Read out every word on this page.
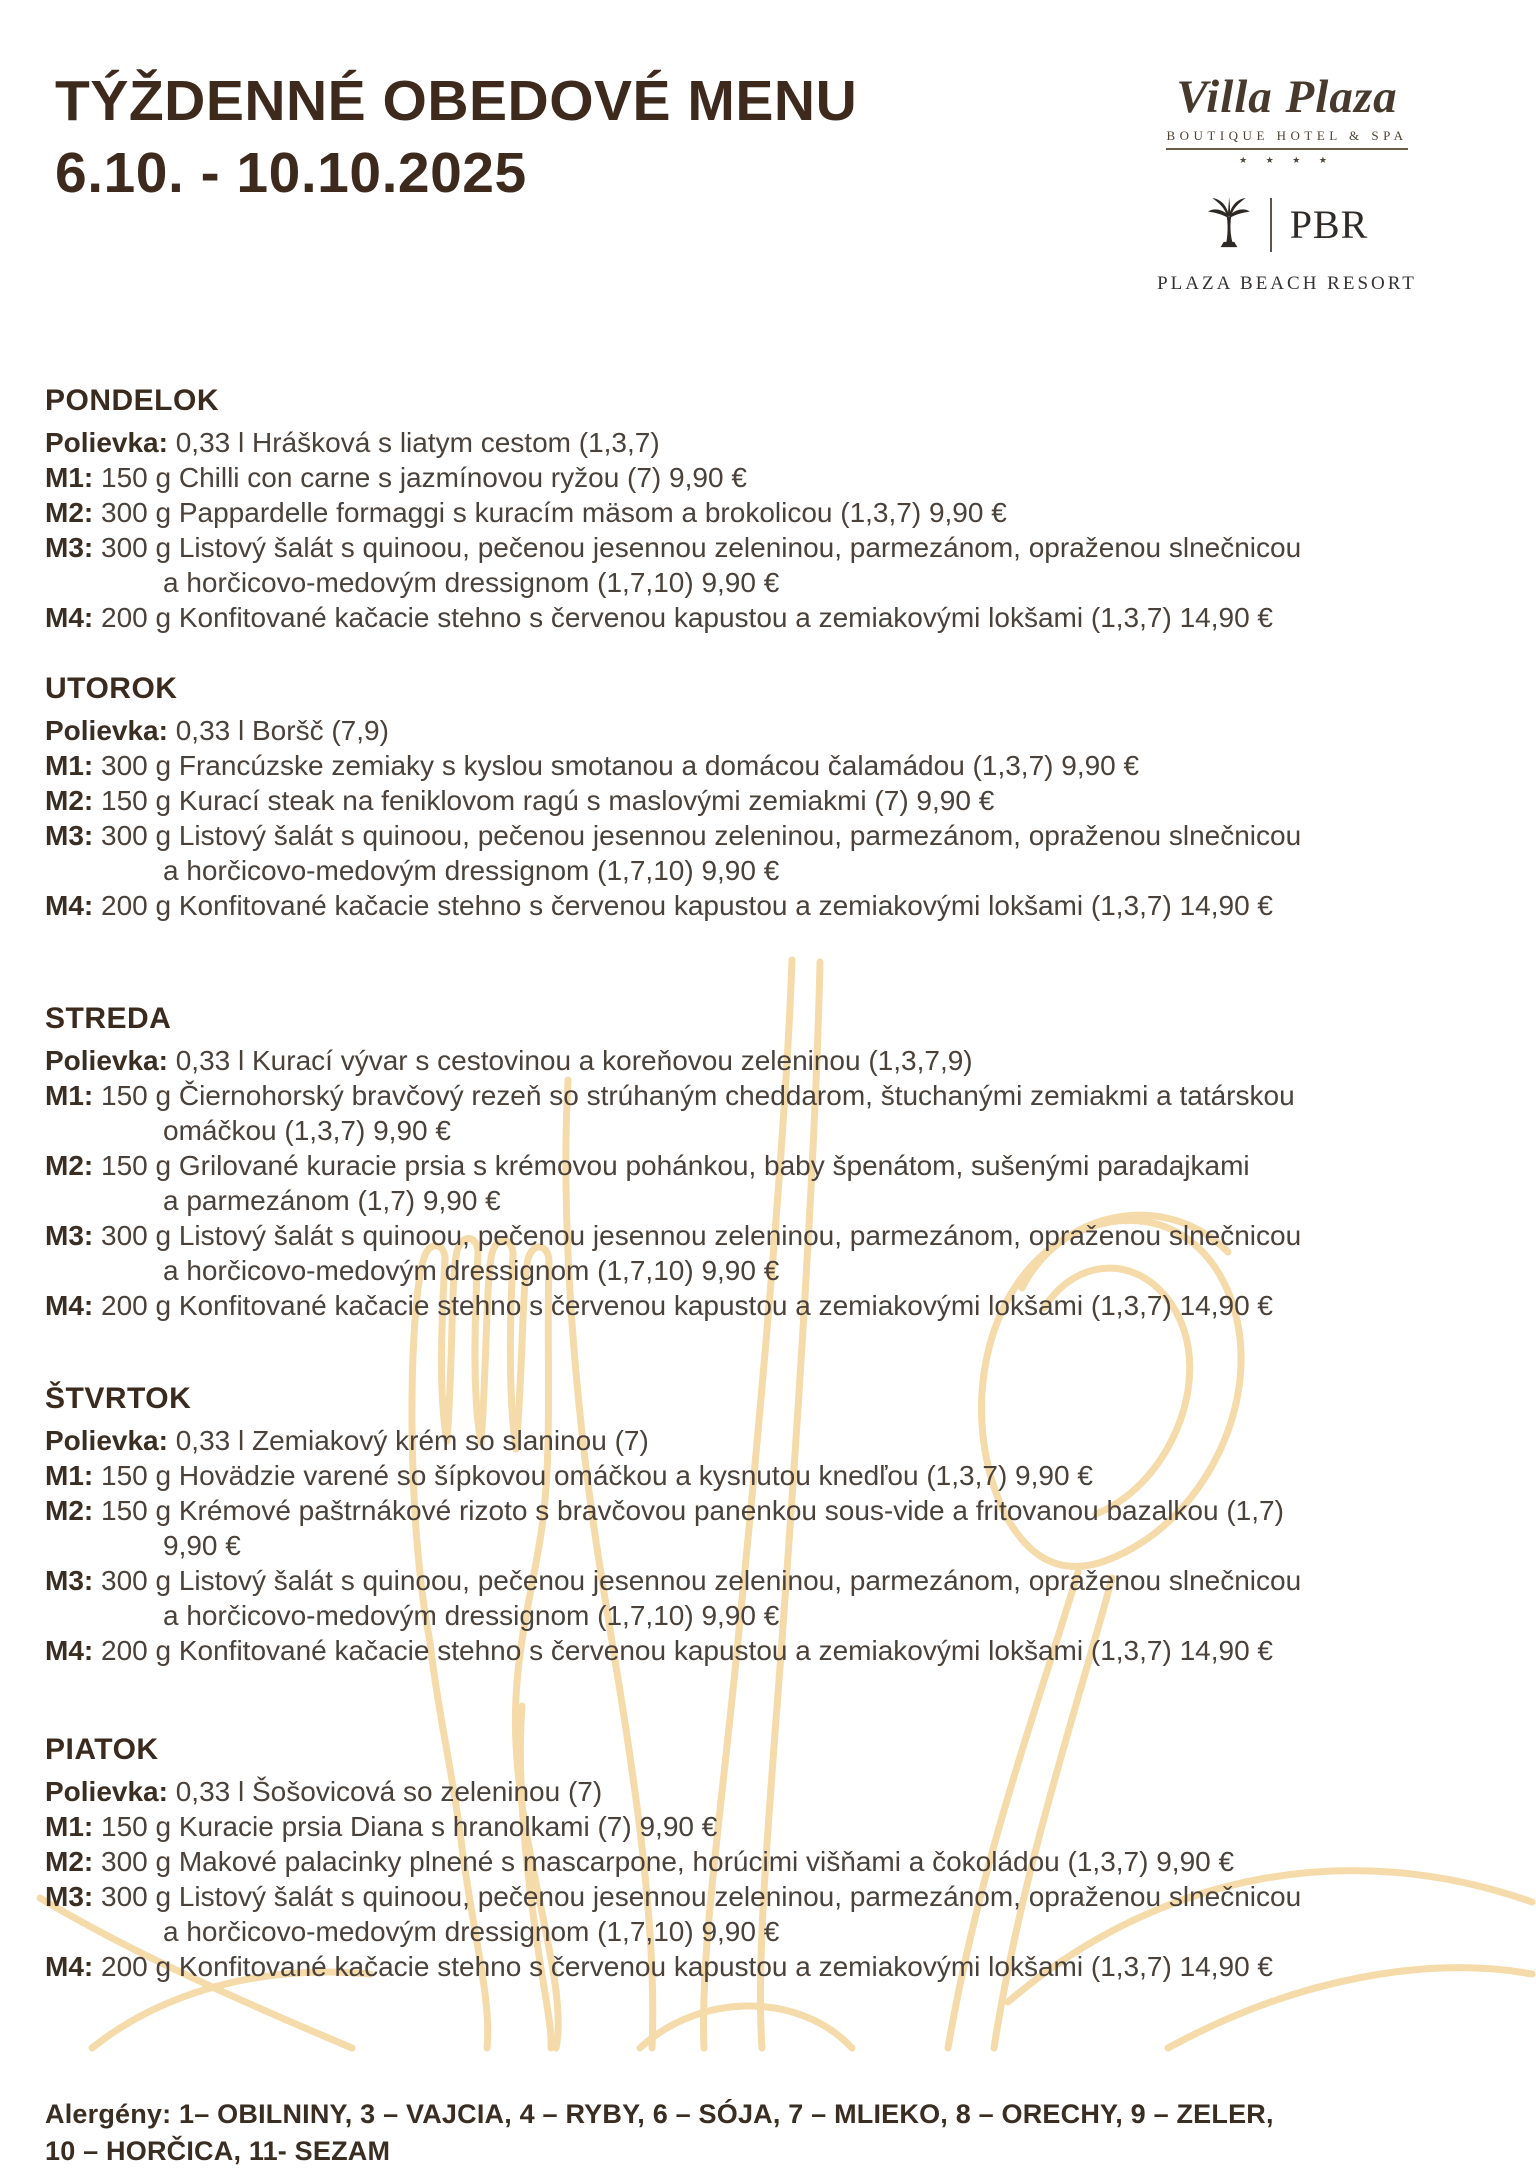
TÝŽDENNÉ OBEDOVÉ MENU
6.10. - 10.10.2025
Villa Plaza
BOUTIQUE HOTEL & SPA
★ ★ ★ ★
PBR
PLAZA BEACH RESORT
PONDELOK
Polievka: 0,33 l Hrášková s liatym cestom (1,3,7)
M1: 150 g Chilli con carne s jazmínovou ryžou (7) 9,90 €
M2: 300 g Pappardelle formaggi s kuracím mäsom a brokolicou (1,3,7) 9,90 €
M3: 300 g Listový šalát s quinoou, pečenou jesennou zeleninou, parmezánom, opraženou slnečnicou
a horčicovo-medovým dressignom (1,7,10) 9,90 €
M4: 200 g Konfitované kačacie stehno s červenou kapustou a zemiakovými lokšami (1,3,7) 14,90 €
UTOROK
Polievka: 0,33 l Boršč (7,9)
M1: 300 g Francúzske zemiaky s kyslou smotanou a domácou čalamádou (1,3,7) 9,90 €
M2: 150 g Kurací steak na feniklovom ragú s maslovými zemiakmi (7) 9,90 €
M3: 300 g Listový šalát s quinoou, pečenou jesennou zeleninou, parmezánom, opraženou slnečnicou
a horčicovo-medovým dressignom (1,7,10) 9,90 €
M4: 200 g Konfitované kačacie stehno s červenou kapustou a zemiakovými lokšami (1,3,7) 14,90 €
STREDA
Polievka: 0,33 l Kurací vývar s cestovinou a koreňovou zeleninou (1,3,7,9)
M1: 150 g Čiernohorský bravčový rezeň so strúhaným cheddarom, štuchanými zemiakmi a tatárskou
omáčkou (1,3,7) 9,90 €
M2: 150 g Grilované kuracie prsia s krémovou pohánkou, baby špenátom, sušenými paradajkami
a parmezánom (1,7) 9,90 €
M3: 300 g Listový šalát s quinoou, pečenou jesennou zeleninou, parmezánom, opraženou slnečnicou
a horčicovo-medovým dressignom (1,7,10) 9,90 €
M4: 200 g Konfitované kačacie stehno s červenou kapustou a zemiakovými lokšami (1,3,7) 14,90 €
ŠTVRTOK
Polievka: 0,33 l Zemiakový krém so slaninou (7)
M1: 150 g Hovädzie varené so šípkovou omáčkou a kysnutou knedľou (1,3,7) 9,90 €
M2: 150 g Krémové paštrnákové rizoto s bravčovou panenkou sous-vide a fritovanou bazalkou (1,7)
9,90 €
M3: 300 g Listový šalát s quinoou, pečenou jesennou zeleninou, parmezánom, opraženou slnečnicou
a horčicovo-medovým dressignom (1,7,10) 9,90 €
M4: 200 g Konfitované kačacie stehno s červenou kapustou a zemiakovými lokšami (1,3,7) 14,90 €
PIATOK
Polievka: 0,33 l Šošovicová so zeleninou (7)
M1: 150 g Kuracie prsia Diana s hranolkami (7) 9,90 €
M2: 300 g Makové palacinky plnené s mascarpone, horúcimi višňami a čokoládou (1,3,7) 9,90 €
M3: 300 g Listový šalát s quinoou, pečenou jesennou zeleninou, parmezánom, opraženou slnečnicou
a horčicovo-medovým dressignom (1,7,10) 9,90 €
M4: 200 g Konfitované kačacie stehno s červenou kapustou a zemiakovými lokšami (1,3,7) 14,90 €
Alergény: 1– OBILNINY, 3 – VAJCIA, 4 – RYBY, 6 – SÓJA, 7 – MLIEKO, 8 – ORECHY, 9 – ZELER,
10 – HORČICA, 11- SEZAM
